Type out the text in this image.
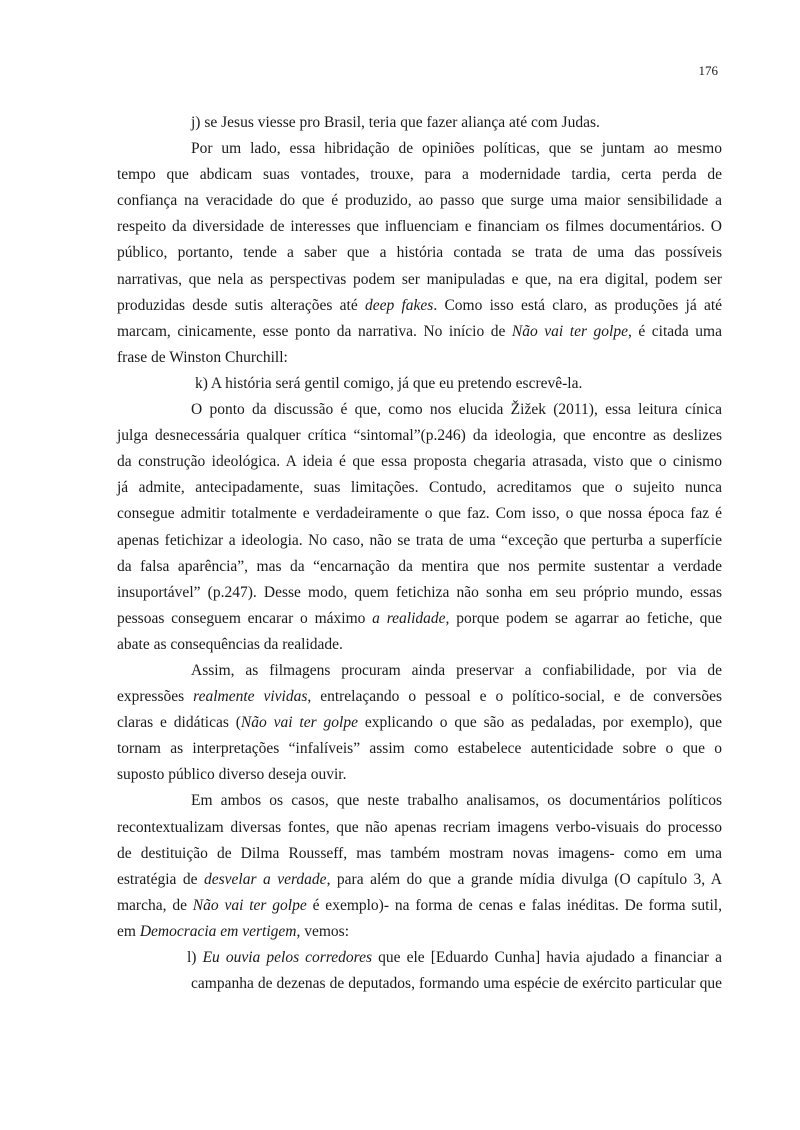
176
j) se Jesus viesse pro Brasil, teria que fazer aliança até com Judas.
Por um lado, essa hibridação de opiniões políticas, que se juntam ao mesmo
tempo que abdicam suas vontades, trouxe, para a modernidade tardia, certa perda de
confiança na veracidade do que é produzido, ao passo que surge uma maior sensibilidade a
respeito da diversidade de interesses que influenciam e financiam os filmes documentários. O
público, portanto, tende a saber que a história contada se trata de uma das possíveis
narrativas, que nela as perspectivas podem ser manipuladas e que, na era digital, podem ser
produzidas desde sutis alterações até deep fakes. Como isso está claro, as produções já até
marcam, cinicamente, esse ponto da narrativa. No início de Não vai ter golpe, é citada uma
frase de Winston Churchill:
k) A história será gentil comigo, já que eu pretendo escrevê-la.
O ponto da discussão é que, como nos elucida Žižek (2011), essa leitura cínica
julga desnecessária qualquer crítica “sintomal”(p.246) da ideologia, que encontre as deslizes
da construção ideológica. A ideia é que essa proposta chegaria atrasada, visto que o cinismo
já admite, antecipadamente, suas limitações. Contudo, acreditamos que o sujeito nunca
consegue admitir totalmente e verdadeiramente o que faz. Com isso, o que nossa época faz é
apenas fetichizar a ideologia. No caso, não se trata de uma “exceção que perturba a superfície
da falsa aparência”, mas da “encarnação da mentira que nos permite sustentar a verdade
insuportável” (p.247). Desse modo, quem fetichiza não sonha em seu próprio mundo, essas
pessoas conseguem encarar o máximo a realidade, porque podem se agarrar ao fetiche, que
abate as consequências da realidade.
Assim, as filmagens procuram ainda preservar a confiabilidade, por via de
expressões realmente vividas, entrelaçando o pessoal e o político-social, e de conversões
claras e didáticas (Não vai ter golpe explicando o que são as pedaladas, por exemplo), que
tornam as interpretações “infalíveis” assim como estabelece autenticidade sobre o que o
suposto público diverso deseja ouvir.
Em ambos os casos, que neste trabalho analisamos, os documentários políticos
recontextualizam diversas fontes, que não apenas recriam imagens verbo-visuais do processo
de destituição de Dilma Rousseff, mas também mostram novas imagens- como em uma
estratégia de desvelar a verdade, para além do que a grande mídia divulga (O capítulo 3, A
marcha, de Não vai ter golpe é exemplo)- na forma de cenas e falas inéditas. De forma sutil,
em Democracia em vertigem, vemos:
l) Eu ouvia pelos corredores que ele [Eduardo Cunha] havia ajudado a financiar a
campanha de dezenas de deputados, formando uma espécie de exército particular que
